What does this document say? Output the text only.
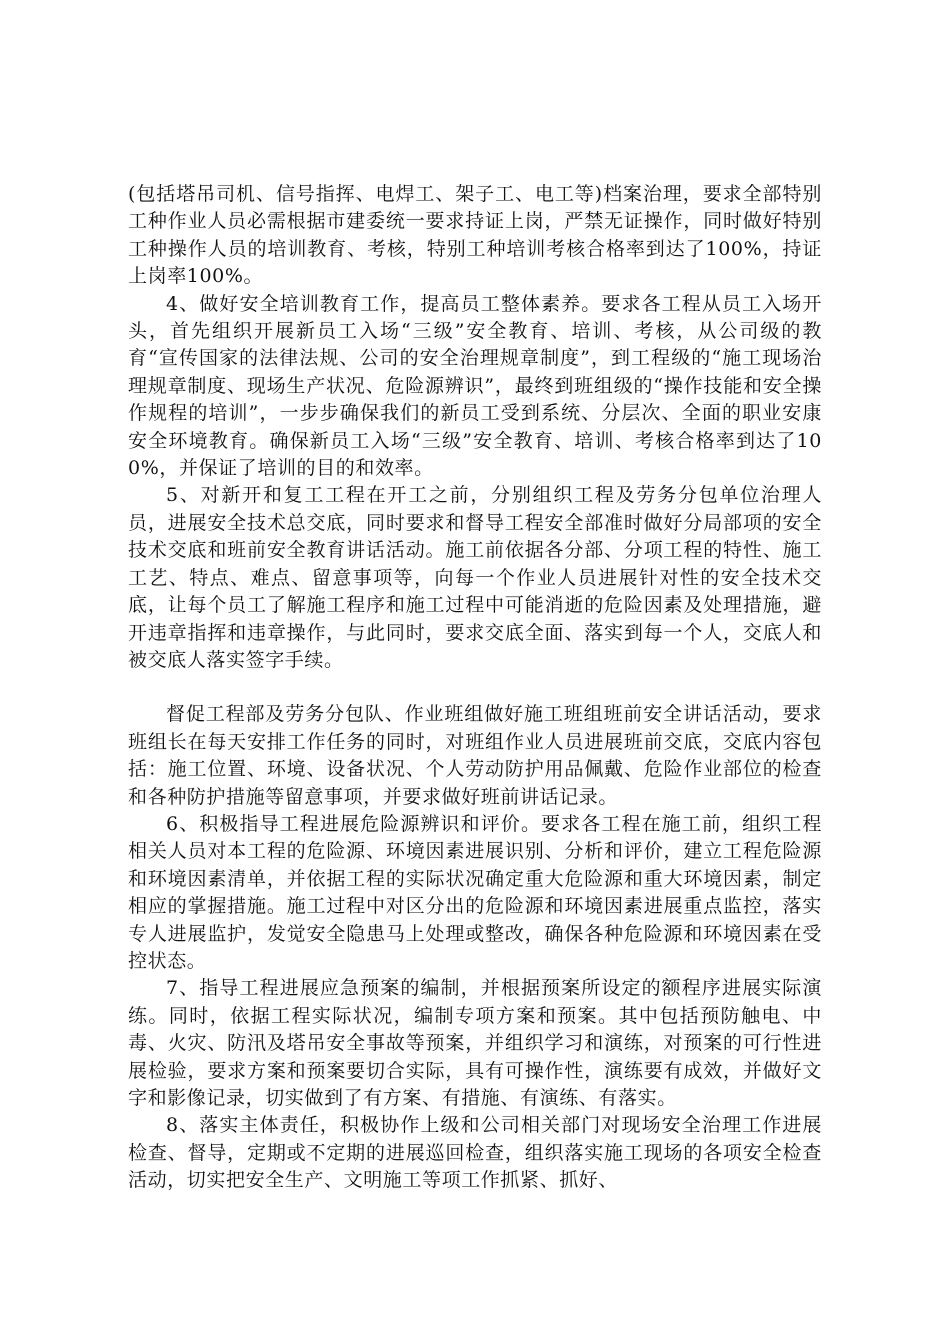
(包括塔吊司机、信号指挥、电焊工、架子工、电工等)档案治理，要求全部特别工种作业人员必需根据市建委统一要求持证上岗，严禁无证操作，同时做好特别工种操作人员的培训教育、考核，特别工种培训考核合格率到达了100%，持证上岗率100%。

4、做好安全培训教育工作，提高员工整体素养。要求各工程从员工入场开头，首先组织开展新员工入场“三级”安全教育、培训、考核，从公司级的教育“宣传国家的法律法规、公司的安全治理规章制度”，到工程级的“施工现场治理规章制度、现场生产状况、危险源辨识”，最终到班组级的“操作技能和安全操作规程的培训”，一步步确保我们的新员工受到系统、分层次、全面的职业安康安全环境教育。确保新员工入场“三级”安全教育、培训、考核合格率到达了100%，并保证了培训的目的和效率。

5、对新开和复工工程在开工之前，分别组织工程及劳务分包单位治理人员，进展安全技术总交底，同时要求和督导工程安全部准时做好分局部项的安全技术交底和班前安全教育讲话活动。施工前依据各分部、分项工程的特性、施工工艺、特点、难点、留意事项等，向每一个作业人员进展针对性的安全技术交底，让每个员工了解施工程序和施工过程中可能消逝的危险因素及处理措施，避开违章指挥和违章操作，与此同时，要求交底全面、落实到每一个人，交底人和被交底人落实签字手续。

督促工程部及劳务分包队、作业班组做好施工班组班前安全讲话活动，要求班组长在每天安排工作任务的同时，对班组作业人员进展班前交底，交底内容包括：施工位置、环境、设备状况、个人劳动防护用品佩戴、危险作业部位的检查和各种防护措施等留意事项，并要求做好班前讲话记录。

6、积极指导工程进展危险源辨识和评价。要求各工程在施工前，组织工程相关人员对本工程的危险源、环境因素进展识别、分析和评价，建立工程危险源和环境因素清单，并依据工程的实际状况确定重大危险源和重大环境因素，制定相应的掌握措施。施工过程中对区分出的危险源和环境因素进展重点监控，落实专人进展监护，发觉安全隐患马上处理或整改，确保各种危险源和环境因素在受控状态。

7、指导工程进展应急预案的编制，并根据预案所设定的额程序进展实际演练。同时，依据工程实际状况，编制专项方案和预案。其中包括预防触电、中毒、火灾、防汛及塔吊安全事故等预案，并组织学习和演练，对预案的可行性进展检验，要求方案和预案要切合实际，具有可操作性，演练要有成效，并做好文字和影像记录，切实做到了有方案、有措施、有演练、有落实。

8、落实主体责任，积极协作上级和公司相关部门对现场安全治理工作进展检查、督导，定期或不定期的进展巡回检查，组织落实施工现场的各项安全检查活动，切实把安全生产、文明施工等项工作抓紧、抓好、
